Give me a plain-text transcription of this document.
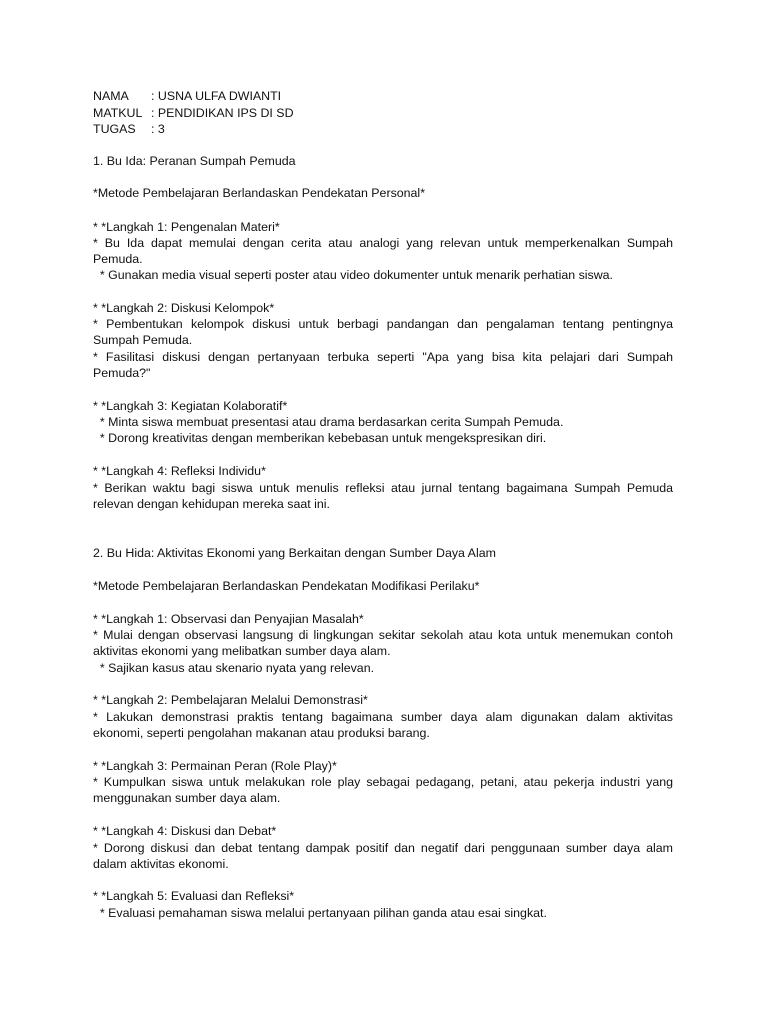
NAMA : USNA ULFA DWIANTI
MATKUL : PENDIDIKAN IPS DI SD
TUGAS : 3
1. Bu Ida: Peranan Sumpah Pemuda
*Metode Pembelajaran Berlandaskan Pendekatan Personal*
* *Langkah 1: Pengenalan Materi*
* Bu Ida dapat memulai dengan cerita atau analogi yang relevan untuk memperkenalkan Sumpah Pemuda.
* Gunakan media visual seperti poster atau video dokumenter untuk menarik perhatian siswa.
* *Langkah 2: Diskusi Kelompok*
* Pembentukan kelompok diskusi untuk berbagi pandangan dan pengalaman tentang pentingnya Sumpah Pemuda.
* Fasilitasi diskusi dengan pertanyaan terbuka seperti "Apa yang bisa kita pelajari dari Sumpah Pemuda?"
* *Langkah 3: Kegiatan Kolaboratif*
* Minta siswa membuat presentasi atau drama berdasarkan cerita Sumpah Pemuda.
* Dorong kreativitas dengan memberikan kebebasan untuk mengekspresikan diri.
* *Langkah 4: Refleksi Individu*
* Berikan waktu bagi siswa untuk menulis refleksi atau jurnal tentang bagaimana Sumpah Pemuda relevan dengan kehidupan mereka saat ini.
2. Bu Hida: Aktivitas Ekonomi yang Berkaitan dengan Sumber Daya Alam
*Metode Pembelajaran Berlandaskan Pendekatan Modifikasi Perilaku*
* *Langkah 1: Observasi dan Penyajian Masalah*
* Mulai dengan observasi langsung di lingkungan sekitar sekolah atau kota untuk menemukan contoh aktivitas ekonomi yang melibatkan sumber daya alam.
* Sajikan kasus atau skenario nyata yang relevan.
* *Langkah 2: Pembelajaran Melalui Demonstrasi*
* Lakukan demonstrasi praktis tentang bagaimana sumber daya alam digunakan dalam aktivitas ekonomi, seperti pengolahan makanan atau produksi barang.
* *Langkah 3: Permainan Peran (Role Play)*
* Kumpulkan siswa untuk melakukan role play sebagai pedagang, petani, atau pekerja industri yang menggunakan sumber daya alam.
* *Langkah 4: Diskusi dan Debat*
* Dorong diskusi dan debat tentang dampak positif dan negatif dari penggunaan sumber daya alam dalam aktivitas ekonomi.
* *Langkah 5: Evaluasi dan Refleksi*
* Evaluasi pemahaman siswa melalui pertanyaan pilihan ganda atau esai singkat.
